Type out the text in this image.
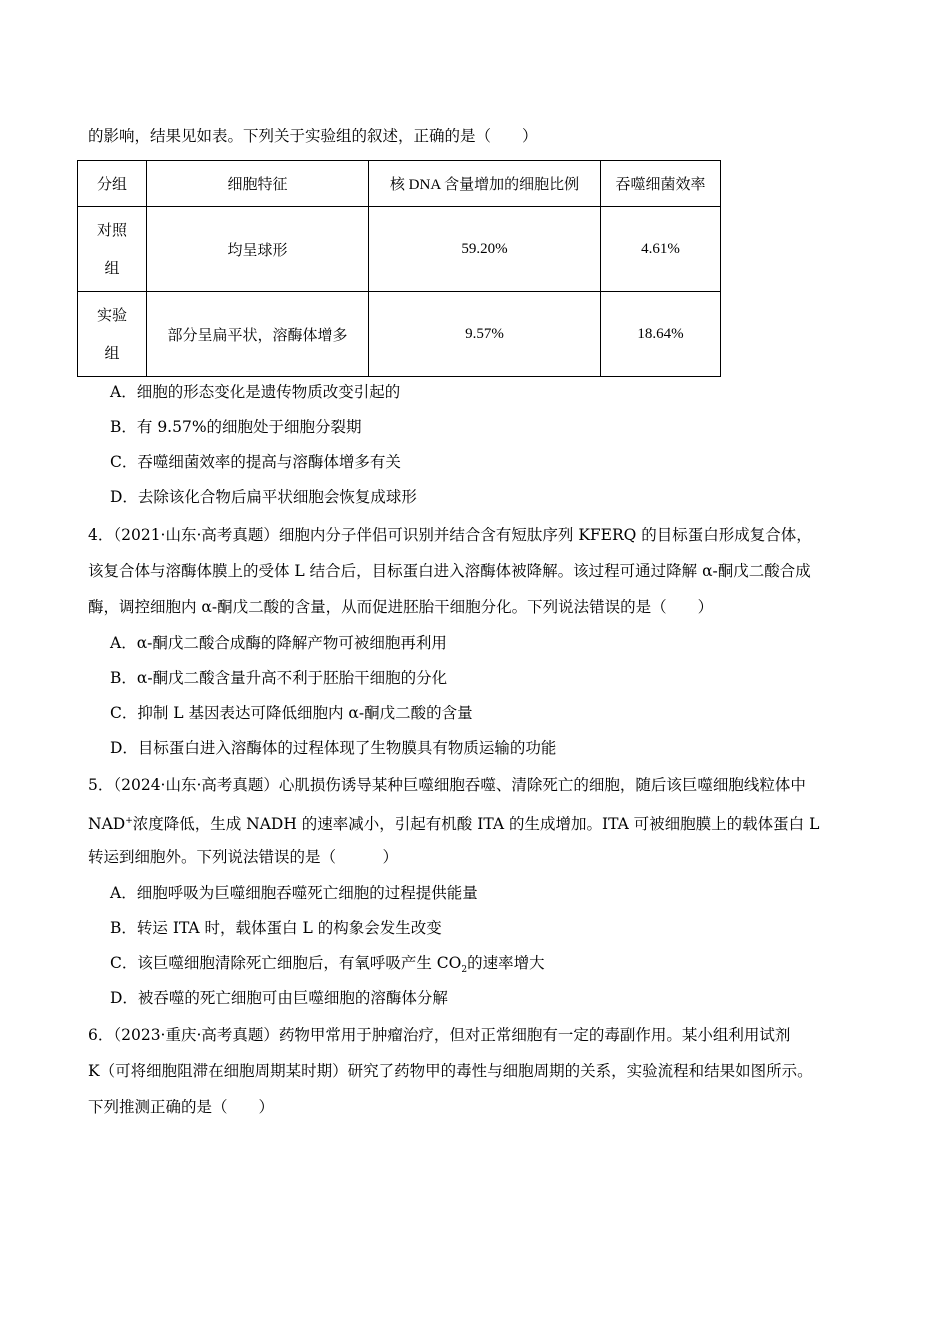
的影响，结果见如表。下列关于实验组的叙述，正确的是（　　）
分组	细胞特征	核 DNA 含量增加的细胞比例	吞噬细菌效率
对照
组	均呈球形	59.20%	4.61%
实验
组	部分呈扁平状，溶酶体增多	9.57%	18.64%
A．细胞的形态变化是遗传物质改变引起的
B．有 9.57%的细胞处于细胞分裂期
C．吞噬细菌效率的提高与溶酶体增多有关
D．去除该化合物后扁平状细胞会恢复成球形
4．（2021·山东·高考真题）细胞内分子伴侣可识别并结合含有短肽序列 KFERQ 的目标蛋白形成复合体，
该复合体与溶酶体膜上的受体 L 结合后，目标蛋白进入溶酶体被降解。该过程可通过降解 α-酮戊二酸合成
酶，调控细胞内 α-酮戊二酸的含量，从而促进胚胎干细胞分化。下列说法错误的是（　　）
A．α-酮戊二酸合成酶的降解产物可被细胞再利用
B．α-酮戊二酸含量升高不利于胚胎干细胞的分化
C．抑制 L 基因表达可降低细胞内 α-酮戊二酸的含量
D．目标蛋白进入溶酶体的过程体现了生物膜具有物质运输的功能
5．（2024·山东·高考真题）心肌损伤诱导某种巨噬细胞吞噬、清除死亡的细胞，随后该巨噬细胞线粒体中
NAD+浓度降低，生成 NADH 的速率减小，引起有机酸 ITA 的生成增加。ITA 可被细胞膜上的载体蛋白 L
转运到细胞外。下列说法错误的是（　　　）
A．细胞呼吸为巨噬细胞吞噬死亡细胞的过程提供能量
B．转运 ITA 时，载体蛋白 L 的构象会发生改变
C．该巨噬细胞清除死亡细胞后，有氧呼吸产生 $CO_2$的速率增大
D．被吞噬的死亡细胞可由巨噬细胞的溶酶体分解
6．（2023·重庆·高考真题）药物甲常用于肿瘤治疗，但对正常细胞有一定的毒副作用。某小组利用试剂
K（可将细胞阻滞在细胞周期某时期）研究了药物甲的毒性与细胞周期的关系，实验流程和结果如图所示。
下列推测正确的是（　　）
